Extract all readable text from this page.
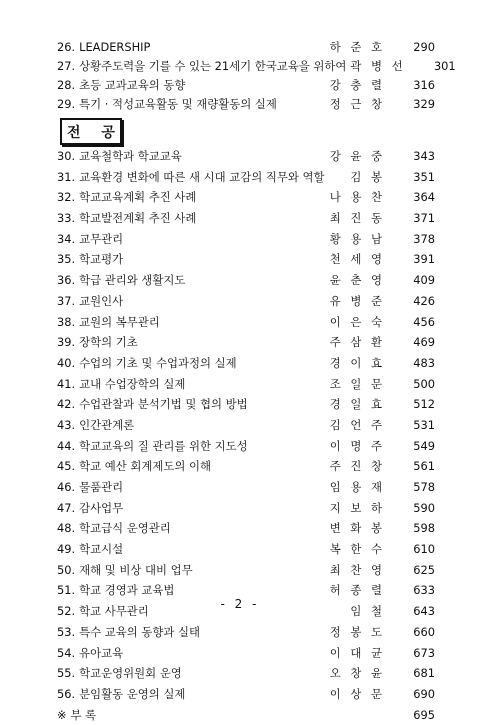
26. LEADERSHIP .....	하 준 호 ..... 290
27. 상황주도력을 기를 수 있는 21세기 한국교육을 위하여 곽 병 선 ..... 301
28. 초등 교과교육의 동향 .....	강 충 렬 ..... 316
29. 특기 · 적성교육활동 및 재량활동의 실제 .....	정 근 창 ..... 329
전 공
30. 교육철학과 학교교육 .....	강 윤 중 ..... 343
31. 교육환경 변화에 따른 새 시대 교감의 직무와 역할 ..... 김 봉 ..... 351
32. 학교교육계획 추진 사례 .....	나 용 찬 ..... 364
33. 학교발전계획 추진 사례 .....	최 진 동 ..... 371
34. 교무관리 .....	황 용 남 ..... 378
35. 학교평가 .....	천 세 영 ..... 391
36. 학급 관리와 생활지도 .....	윤 춘 영 ..... 409
37. 교원인사 .....	유 병 준 ..... 426
38. 교원의 복무관리 .....	이 은 숙 ..... 456
39. 장학의 기초 .....	주 삼 환 ..... 469
40. 수업의 기초 및 수업과정의 실제 .....	경 이 효 ..... 483
41. 교내 수업장학의 실제 .....	조 일 문 ..... 500
42. 수업관찰과 분석기법 및 협의 방법 .....	경 일 효 ..... 512
43. 인간관계론 .....	김 언 주 ..... 531
44. 학교교육의 질 관리를 위한 지도성 .....	이 명 주 ..... 549
45. 학교 예산 회계제도의 이해 .....	주 진 창 ..... 561
46. 물품관리 .....	임 용 재 ..... 578
47. 감사업무 .....	지 보 하 ..... 590
48. 학교급식 운영관리 .....	변 화 봉 ..... 598
49. 학교시설 .....	복 한 수 ..... 610
50. 재해 및 비상 대비 업무 .....	최 찬 영 ..... 625
51. 학교 경영과 교육법 .....	허 종 렬 ..... 633
52. 학교 사무관리 .....	임 철 ..... 643
53. 특수 교육의 동향과 실태 .....	정 봉 도 ..... 660
54. 유아교육 .....	이 대 균 ..... 673
55. 학교운영위원회 운영 .....	오 창 윤 ..... 681
56. 분임활동 운영의 실제 .....	이 상 문 ..... 690
※ 부 록 .....	695
- 2 -
